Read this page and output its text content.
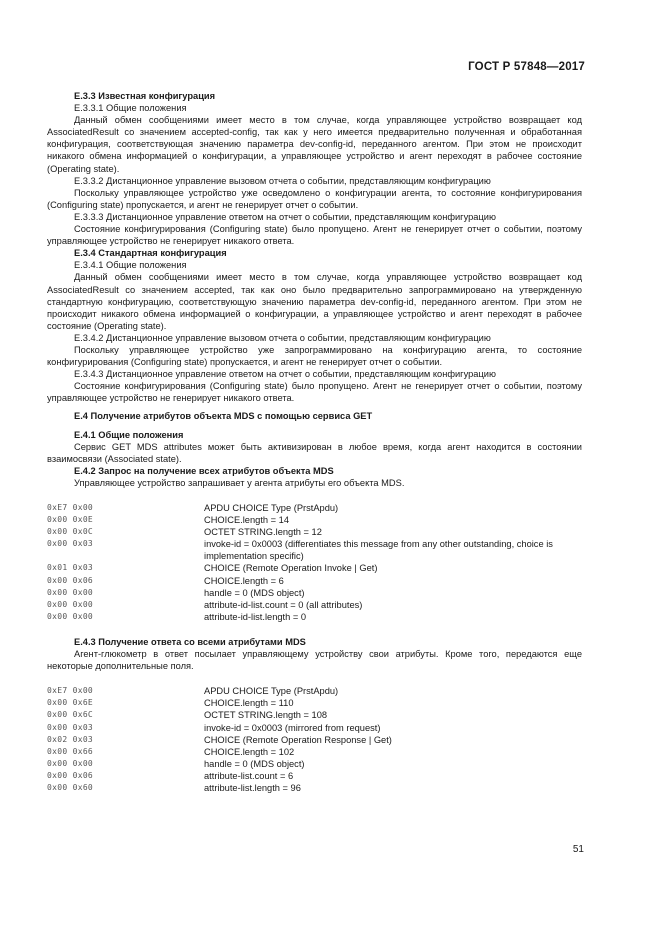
ГОСТ Р 57848—2017

E.3.3 Известная конфигурация

E.3.3.1 Общие положения

Данный обмен сообщениями имеет место в том случае, когда управляющее устройство возвращает код AssociatedResult со значением accepted-config, так как у него имеется предварительно полученная и обработанная конфигурация, соответствующая значению параметра dev-config-id, переданного агентом. При этом не происходит никакого обмена информацией о конфигурации, а управляющее устройство и агент переходят в рабочее состояние (Operating state).

E.3.3.2 Дистанционное управление вызовом отчета о событии, представляющим конфигурацию

Поскольку управляющее устройство уже осведомлено о конфигурации агента, то состояние конфигурирования (Configuring state) пропускается, и агент не генерирует отчет о событии.

E.3.3.3 Дистанционное управление ответом на отчет о событии, представляющим конфигурацию

Состояние конфигурирования (Configuring state) было пропущено. Агент не генерирует отчет о событии, поэтому управляющее устройство не генерирует никакого ответа.

E.3.4 Стандартная конфигурация

E.3.4.1 Общие положения

Данный обмен сообщениями имеет место в том случае, когда управляющее устройство возвращает код AssociatedResult со значением accepted, так как оно было предварительно запрограммировано на утвержденную стандартную конфигурацию, соответствующую значению параметра dev-config-id, переданного агентом. При этом не происходит никакого обмена информацией о конфигурации, а управляющее устройство и агент переходят в рабочее состояние (Operating state).

E.3.4.2 Дистанционное управление вызовом отчета о событии, представляющим конфигурацию

Поскольку управляющее устройство уже запрограммировано на конфигурацию агента, то состояние конфигурирования (Configuring state) пропускается, и агент не генерирует отчет о событии.

E.3.4.3 Дистанционное управление ответом на отчет о событии, представляющим конфигурацию

Состояние конфигурирования (Configuring state) было пропущено. Агент не генерирует отчет о событии, поэтому управляющее устройство не генерирует никакого ответа.

E.4 Получение атрибутов объекта MDS с помощью сервиса GET

E.4.1 Общие положения

Сервис GET MDS attributes может быть активизирован в любое время, когда агент находится в состоянии взаимосвязи (Associated state).

E.4.2 Запрос на получение всех атрибутов объекта MDS

Управляющее устройство запрашивает у агента атрибуты его объекта MDS.

0xE7 0x00	APDU CHOICE Type (PrstApdu)
0x00 0x0E	CHOICE.length = 14
0x00 0x0C	OCTET STRING.length = 12
0x00 0x03	invoke-id = 0x0003 (differentiates this message from any other outstanding, choice is implementation specific)
0x01 0x03	CHOICE (Remote Operation Invoke | Get)
0x00 0x06	CHOICE.length = 6
0x00 0x00	handle = 0 (MDS object)
0x00 0x00	attribute-id-list.count = 0 (all attributes)
0x00 0x00	attribute-id-list.length = 0

E.4.3 Получение ответа со всеми атрибутами MDS

Агент-глюкометр в ответ посылает управляющему устройству свои атрибуты. Кроме того, передаются еще некоторые дополнительные поля.

0xE7 0x00	APDU CHOICE Type (PrstApdu)
0x00 0x6E	CHOICE.length = 110
0x00 0x6C	OCTET STRING.length = 108
0x00 0x03	invoke-id = 0x0003 (mirrored from request)
0x02 0x03	CHOICE (Remote Operation Response | Get)
0x00 0x66	CHOICE.length = 102
0x00 0x00	handle = 0 (MDS object)
0x00 0x06	attribute-list.count = 6
0x00 0x60	attribute-list.length = 96
51
